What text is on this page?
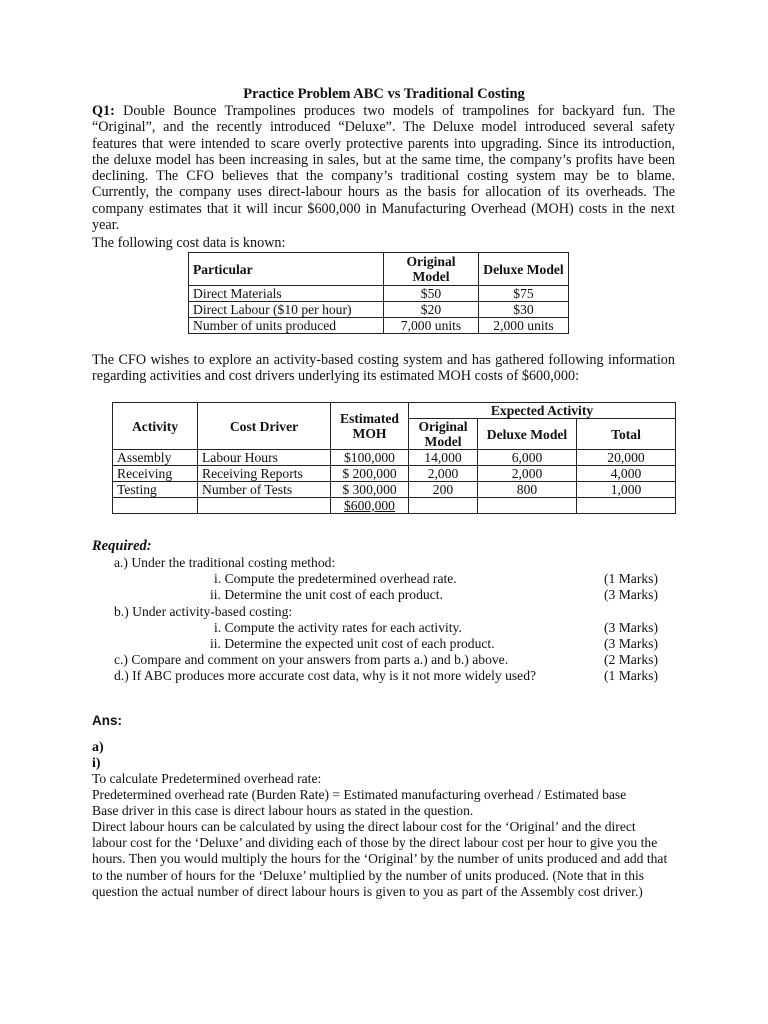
Practice Problem ABC vs Traditional Costing

Q1: Double Bounce Trampolines produces two models of trampolines for backyard fun. The “Original”, and the recently introduced “Deluxe”. The Deluxe model introduced several safety features that were intended to scare overly protective parents into upgrading. Since its introduction, the deluxe model has been increasing in sales, but at the same time, the company’s profits have been declining. The CFO believes that the company’s traditional costing system may be to blame. Currently, the company uses direct-labour hours as the basis for allocation of its overheads. The company estimates that it will incur $600,000 in Manufacturing Overhead (MOH) costs in the next year.

The following cost data is known:

Particular	Original Model	Deluxe Model
Direct Materials	$50	$75
Direct Labour ($10 per hour)	$20	$30
Number of units produced	7,000 units	2,000 units

The CFO wishes to explore an activity-based costing system and has gathered following information regarding activities and cost drivers underlying its estimated MOH costs of $600,000:

Activity	Cost Driver	Estimated MOH	Expected Activity		
			Original Model	Deluxe Model	Total
Assembly	Labour Hours	$100,000	14,000	6,000	20,000
Receiving	Receiving Reports	$ 200,000	2,000	2,000	4,000
Testing	Number of Tests	$ 300,000	200	800	1,000
		$600,000			

Required:

a.) Under the traditional costing method:
i. Compute the predetermined overhead rate.	(1 Marks)
ii. Determine the unit cost of each product.	(3 Marks)
b.) Under activity-based costing:
i. Compute the activity rates for each activity.	(3 Marks)
ii. Determine the expected unit cost of each product.	(3 Marks)
c.) Compare and comment on your answers from parts a.) and b.) above.	(2 Marks)
d.) If ABC produces more accurate cost data, why is it not more widely used?	(1 Marks)

Ans:

a)
i)
To calculate Predetermined overhead rate:
Predetermined overhead rate (Burden Rate) = Estimated manufacturing overhead / Estimated base
Base driver in this case is direct labour hours as stated in the question.
Direct labour hours can be calculated by using the direct labour cost for the ‘Original’ and the direct labour cost for the ‘Deluxe’ and dividing each of those by the direct labour cost per hour to give you the hours. Then you would multiply the hours for the ‘Original’ by the number of units produced and add that to the number of hours for the ‘Deluxe’ multiplied by the number of units produced. (Note that in this question the actual number of direct labour hours is given to you as part of the Assembly cost driver.)
